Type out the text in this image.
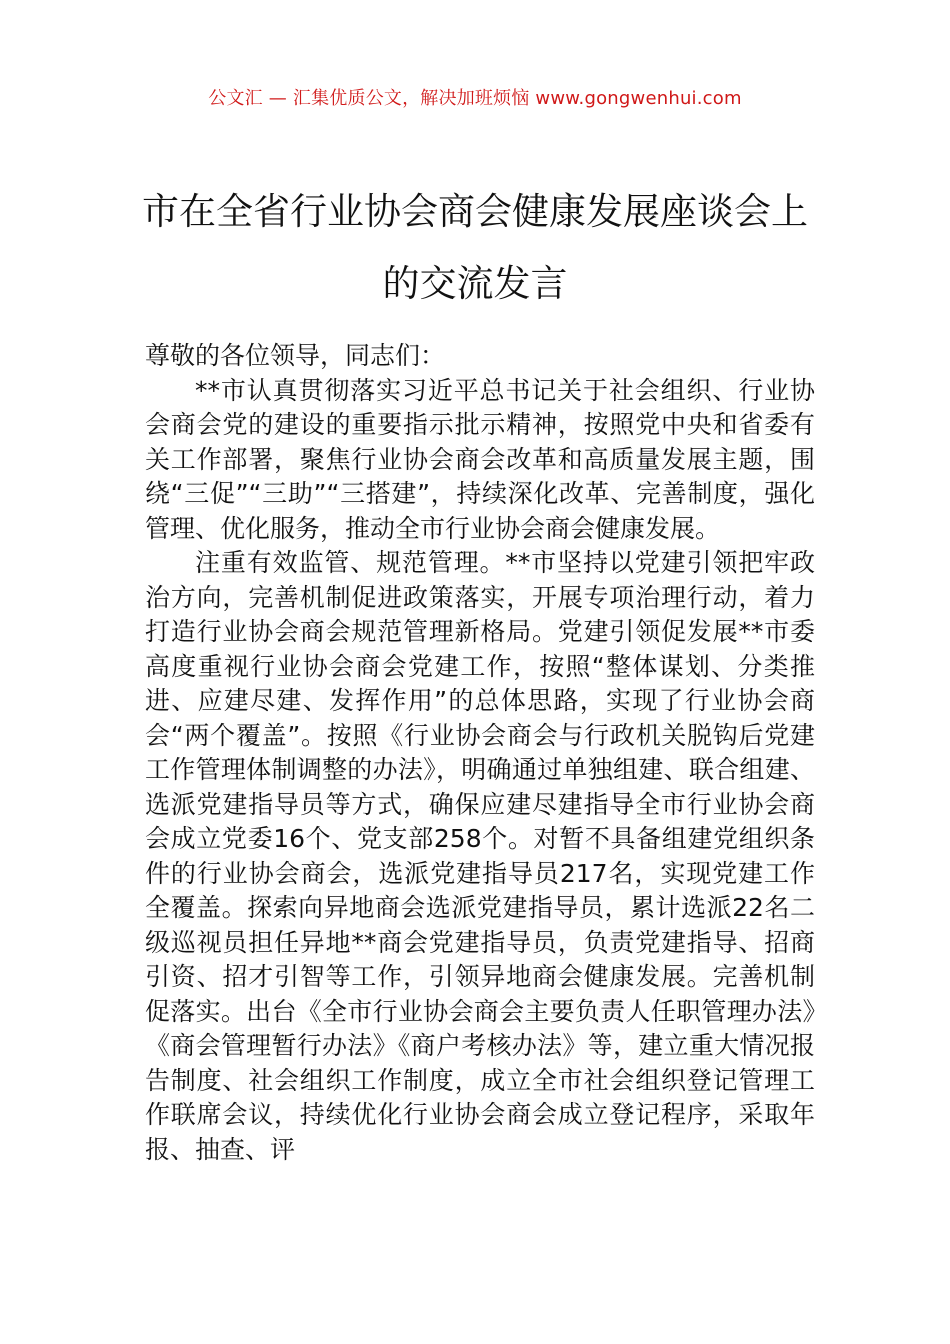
公文汇 — 汇集优质公文，解决加班烦恼 www.gongwenhui.com
市在全省行业协会商会健康发展座谈会上的交流发言

尊敬的各位领导，同志们：

**市认真贯彻落实习近平总书记关于社会组织、行业协会商会党的建设的重要指示批示精神，按照党中央和省委有关工作部署，聚焦行业协会商会改革和高质量发展主题，围绕“三促”“三助”“三搭建”，持续深化改革、完善制度，强化管理、优化服务，推动全市行业协会商会健康发展。

注重有效监管、规范管理。**市坚持以党建引领把牢政治方向，完善机制促进政策落实，开展专项治理行动，着力打造行业协会商会规范管理新格局。党建引领促发展**市委高度重视行业协会商会党建工作，按照“整体谋划、分类推进、应建尽建、发挥作用”的总体思路，实现了行业协会商会“两个覆盖”。按照《行业协会商会与行政机关脱钩后党建工作管理体制调整的办法》，明确通过单独组建、联合组建、选派党建指导员等方式，确保应建尽建指导全市行业协会商会成立党委16个、党支部258个。对暂不具备组建党组织条件的行业协会商会，选派党建指导员217名，实现党建工作全覆盖。探索向异地商会选派党建指导员，累计选派22名二级巡视员担任异地**商会党建指导员，负责党建指导、招商引资、招才引智等工作，引领异地商会健康发展。完善机制促落实。出台《全市行业协会商会主要负责人任职管理办法》《商会管理暂行办法》《商户考核办法》等，建立重大情况报告制度、社会组织工作制度，成立全市社会组织登记管理工作联席会议，持续优化行业协会商会成立登记程序，采取年报、抽查、评
